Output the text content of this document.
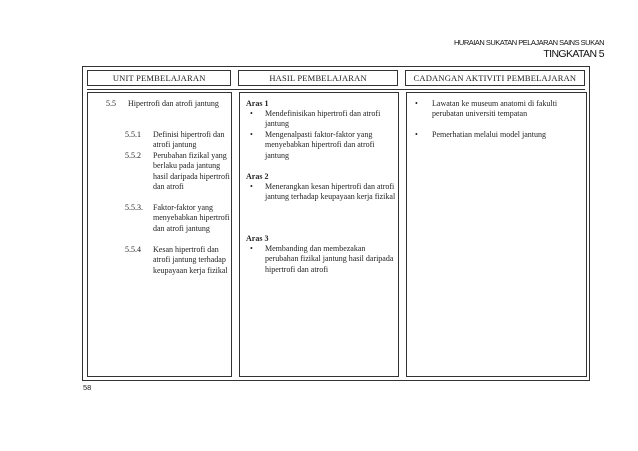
HURAIAN SUKATAN PELAJARAN SAINS SUKAN
TINGKATAN 5
UNIT PEMBELAJARAN	HASIL PEMBELAJARAN	CADANGAN AKTIVITI PEMBELAJARAN
5.5 Hipertrofi dan atrofi jantung
5.5.1 Definisi hipertrofi dan atrofi jantung
5.5.2 Perubahan fizikal yang berlaku pada jantung hasil daripada hipertrofi dan atrofi
5.5.3. Faktor-faktor yang menyebabkan hipertrofi dan atrofi jantung
5.5.4 Kesan hipertrofi dan atrofi jantung terhadap keupayaan kerja fizikal
Aras 1
• Mendefinisikan hipertrofi dan atrofi jantung
• Mengenalpasti faktor-faktor yang menyebabkan hipertrofi dan atrofi jantung
Aras 2
• Menerangkan kesan hipertrofi dan atrofi jantung terhadap keupayaan kerja fizikal
Aras 3
• Membanding dan membezakan perubahan fizikal jantung hasil daripada hipertrofi dan atrofi
• Lawatan ke museum anatomi di fakulti perubatan universiti tempatan
• Pemerhatian melalui model jantung
58
